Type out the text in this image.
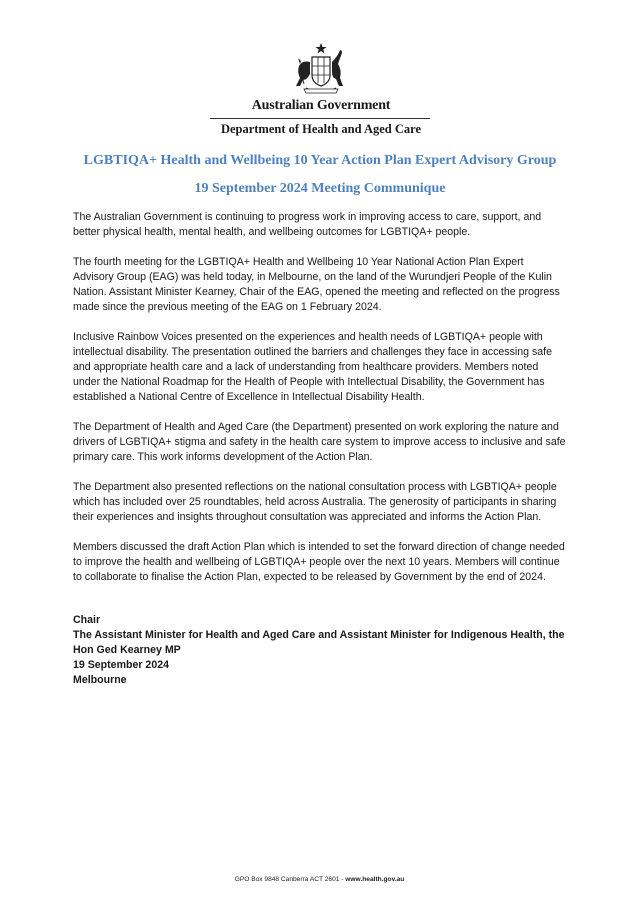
Australian Government
Department of Health and Aged Care
LGBTIQA+ Health and Wellbeing 10 Year Action Plan Expert Advisory Group
19 September 2024 Meeting Communique

The Australian Government is continuing to progress work in improving access to care, support, and better physical health, mental health, and wellbeing outcomes for LGBTIQA+ people.

The fourth meeting for the LGBTIQA+ Health and Wellbeing 10 Year National Action Plan Expert Advisory Group (EAG) was held today, in Melbourne, on the land of the Wurundjeri People of the Kulin Nation. Assistant Minister Kearney, Chair of the EAG, opened the meeting and reflected on the progress made since the previous meeting of the EAG on 1 February 2024.

Inclusive Rainbow Voices presented on the experiences and health needs of LGBTIQA+ people with intellectual disability. The presentation outlined the barriers and challenges they face in accessing safe and appropriate health care and a lack of understanding from healthcare providers. Members noted under the National Roadmap for the Health of People with Intellectual Disability, the Government has established a National Centre of Excellence in Intellectual Disability Health.

The Department of Health and Aged Care (the Department) presented on work exploring the nature and drivers of LGBTIQA+ stigma and safety in the health care system to improve access to inclusive and safe primary care. This work informs development of the Action Plan.

The Department also presented reflections on the national consultation process with LGBTIQA+ people which has included over 25 roundtables, held across Australia. The generosity of participants in sharing their experiences and insights throughout consultation was appreciated and informs the Action Plan.

Members discussed the draft Action Plan which is intended to set the forward direction of change needed to improve the health and wellbeing of LGBTIQA+ people over the next 10 years. Members will continue to collaborate to finalise the Action Plan, expected to be released by Government by the end of 2024.

Chair
The Assistant Minister for Health and Aged Care and Assistant Minister for Indigenous Health, the Hon Ged Kearney MP
19 September 2024
Melbourne
GPO Box 9848 Canberra ACT 2601 - www.health.gov.au
